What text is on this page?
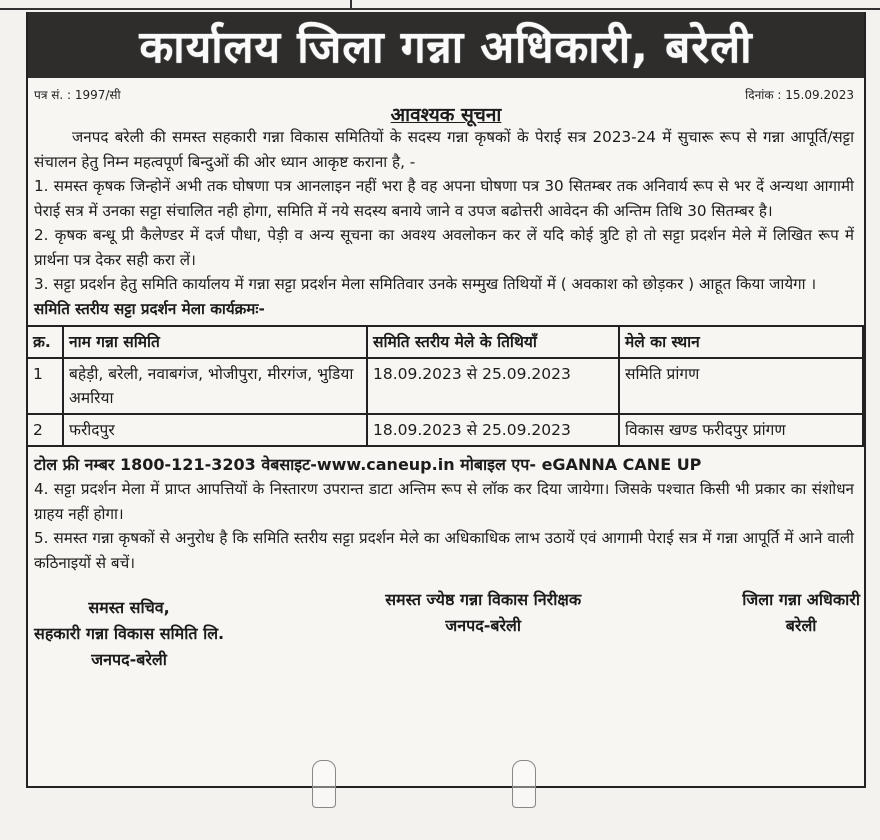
कार्यालय जिला गन्ना अधिकारी, बरेली
पत्र सं. : 1997/सी	दिनांक : 15.09.2023
आवश्यक सूचना
जनपद बरेली की समस्त सहकारी गन्ना विकास समितियों के सदस्य गन्ना कृषकों के पेराई सत्र 2023-24 में सुचारू रूप से गन्ना आपूर्ति/सट्टा संचालन हेतु निम्न महत्वपूर्ण बिन्दुओं की ओर ध्यान आकृष्ट कराना है, -
1. समस्त कृषक जिन्होनें अभी तक घोषणा पत्र आनलाइन नहीं भरा है वह अपना घोषणा पत्र 30 सितम्बर तक अनिवार्य रूप से भर दें अन्यथा आगामी पेराई सत्र में उनका सट्टा संचालित नही होगा, समिति में नये सदस्य बनाये जाने व उपज बढोत्तरी आवेदन की अन्तिम तिथि 30 सितम्बर है।
2. कृषक बन्धू प्री कैलेण्डर में दर्ज पौधा, पेड़ी व अन्य सूचना का अवश्य अवलोकन कर लें यदि कोई त्रुटि हो तो सट्टा प्रदर्शन मेले में लिखित रूप में प्रार्थना पत्र देकर सही करा लें।
3. सट्टा प्रदर्शन हेतु समिति कार्यालय में गन्ना सट्टा प्रदर्शन मेला समितिवार उनके सम्मुख तिथियों में ( अवकाश को छोड़कर ) आहूत किया जायेगा ।
समिति स्तरीय सट्टा प्रदर्शन मेला कार्यक्रमः-
क्र.	नाम गन्ना समिति	समिति स्तरीय मेले के तिथियाँ	मेले का स्थान
1	बहेड़ी, बरेली, नवाबगंज, भोजीपुरा, मीरगंज, भुडिया अमरिया	18.09.2023 से 25.09.2023	समिति प्रांगण
2	फरीदपुर	18.09.2023 से 25.09.2023	विकास खण्ड फरीदपुर प्रांगण
टोल फ्री नम्बर 1800-121-3203 वेबसाइट-www.caneup.in मोबाइल एप- eGANNA CANE UP
4. सट्टा प्रदर्शन मेला में प्राप्त आपत्तियों के निस्तारण उपरान्त डाटा अन्तिम रूप से लॉक कर दिया जायेगा। जिसके पश्चात किसी भी प्रकार का संशोधन ग्राहय नहीं होगा।
5. समस्त गन्ना कृषकों से अनुरोध है कि समिति स्तरीय सट्टा प्रदर्शन मेले का अधिकाधिक लाभ उठायें एवं आगामी पेराई सत्र में गन्ना आपूर्ति में आने वाली कठिनाइयों से बचें।
समस्त सचिव,
सहकारी गन्ना विकास समिति लि.
जनपद-बरेली
समस्त ज्येष्ठ गन्ना विकास निरीक्षक
जनपद-बरेली
जिला गन्ना अधिकारी
बरेली
